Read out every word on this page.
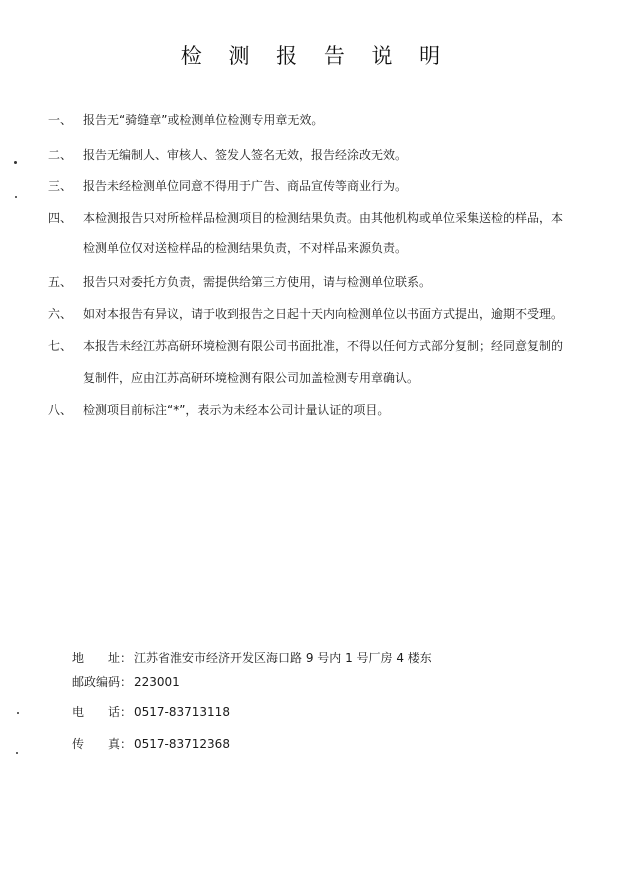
检 测 报 告 说 明
一、 报告无“骑缝章”或检测单位检测专用章无效。
二、 报告无编制人、审核人、签发人签名无效，报告经涂改无效。
三、 报告未经检测单位同意不得用于广告、商品宣传等商业行为。
四、 本检测报告只对所检样品检测项目的检测结果负责。由其他机构或单位采集送检的样品，本
检测单位仅对送检样品的检测结果负责，不对样品来源负责。
五、 报告只对委托方负责，需提供给第三方使用，请与检测单位联系。
六、 如对本报告有异议，请于收到报告之日起十天内向检测单位以书面方式提出，逾期不受理。
七、 本报告未经江苏高研环境检测有限公司书面批准，不得以任何方式部分复制；经同意复制的
复制件，应由江苏高研环境检测有限公司加盖检测专用章确认。
八、 检测项目前标注“*”，表示为未经本公司计量认证的项目。
地　　址： 江苏省淮安市经济开发区海口路 9 号内 1 号厂房 4 楼东
邮政编码： 223001
电　　话： 0517-83713118
传　　真： 0517-83712368
